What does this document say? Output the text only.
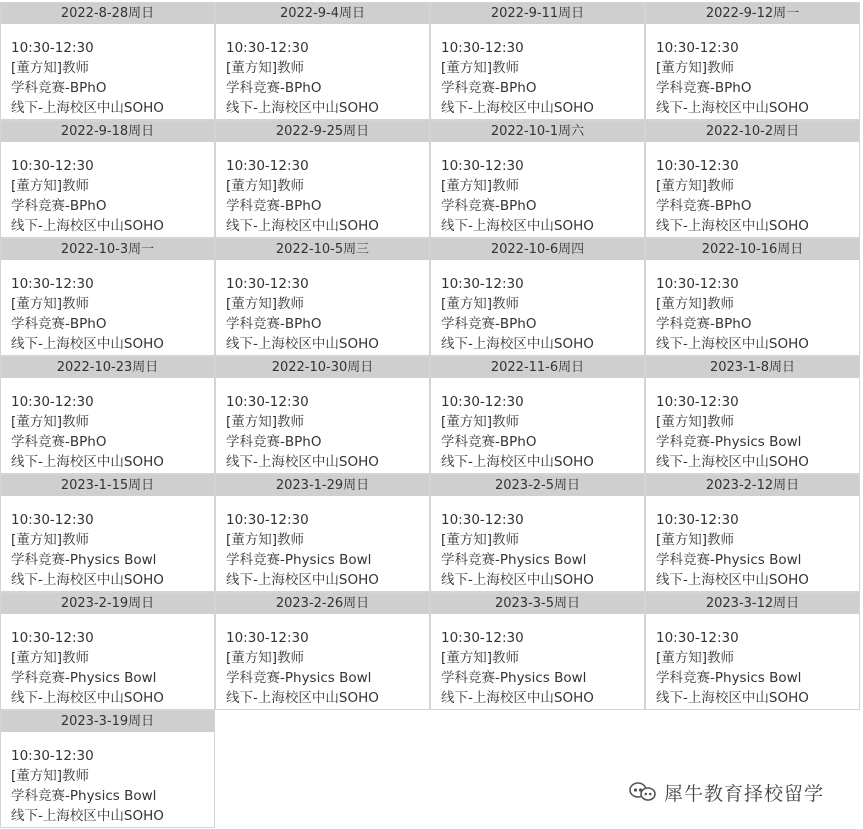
2022-8-28周日
10:30-12:30
[董方知]教师
学科竞赛-BPhO
线下-上海校区中山SOHO
2022-9-4周日
10:30-12:30
[董方知]教师
学科竞赛-BPhO
线下-上海校区中山SOHO
2022-9-11周日
10:30-12:30
[董方知]教师
学科竞赛-BPhO
线下-上海校区中山SOHO
2022-9-12周一
10:30-12:30
[董方知]教师
学科竞赛-BPhO
线下-上海校区中山SOHO
2022-9-18周日
10:30-12:30
[董方知]教师
学科竞赛-BPhO
线下-上海校区中山SOHO
2022-9-25周日
10:30-12:30
[董方知]教师
学科竞赛-BPhO
线下-上海校区中山SOHO
2022-10-1周六
10:30-12:30
[董方知]教师
学科竞赛-BPhO
线下-上海校区中山SOHO
2022-10-2周日
10:30-12:30
[董方知]教师
学科竞赛-BPhO
线下-上海校区中山SOHO
2022-10-3周一
10:30-12:30
[董方知]教师
学科竞赛-BPhO
线下-上海校区中山SOHO
2022-10-5周三
10:30-12:30
[董方知]教师
学科竞赛-BPhO
线下-上海校区中山SOHO
2022-10-6周四
10:30-12:30
[董方知]教师
学科竞赛-BPhO
线下-上海校区中山SOHO
2022-10-16周日
10:30-12:30
[董方知]教师
学科竞赛-BPhO
线下-上海校区中山SOHO
2022-10-23周日
10:30-12:30
[董方知]教师
学科竞赛-BPhO
线下-上海校区中山SOHO
2022-10-30周日
10:30-12:30
[董方知]教师
学科竞赛-BPhO
线下-上海校区中山SOHO
2022-11-6周日
10:30-12:30
[董方知]教师
学科竞赛-BPhO
线下-上海校区中山SOHO
2023-1-8周日
10:30-12:30
[董方知]教师
学科竞赛-Physics Bowl
线下-上海校区中山SOHO
2023-1-15周日
10:30-12:30
[董方知]教师
学科竞赛-Physics Bowl
线下-上海校区中山SOHO
2023-1-29周日
10:30-12:30
[董方知]教师
学科竞赛-Physics Bowl
线下-上海校区中山SOHO
2023-2-5周日
10:30-12:30
[董方知]教师
学科竞赛-Physics Bowl
线下-上海校区中山SOHO
2023-2-12周日
10:30-12:30
[董方知]教师
学科竞赛-Physics Bowl
线下-上海校区中山SOHO
2023-2-19周日
10:30-12:30
[董方知]教师
学科竞赛-Physics Bowl
线下-上海校区中山SOHO
2023-2-26周日
10:30-12:30
[董方知]教师
学科竞赛-Physics Bowl
线下-上海校区中山SOHO
2023-3-5周日
10:30-12:30
[董方知]教师
学科竞赛-Physics Bowl
线下-上海校区中山SOHO
2023-3-12周日
10:30-12:30
[董方知]教师
学科竞赛-Physics Bowl
线下-上海校区中山SOHO
2023-3-19周日
10:30-12:30
[董方知]教师
学科竞赛-Physics Bowl
线下-上海校区中山SOHO
犀牛教育择校留学
